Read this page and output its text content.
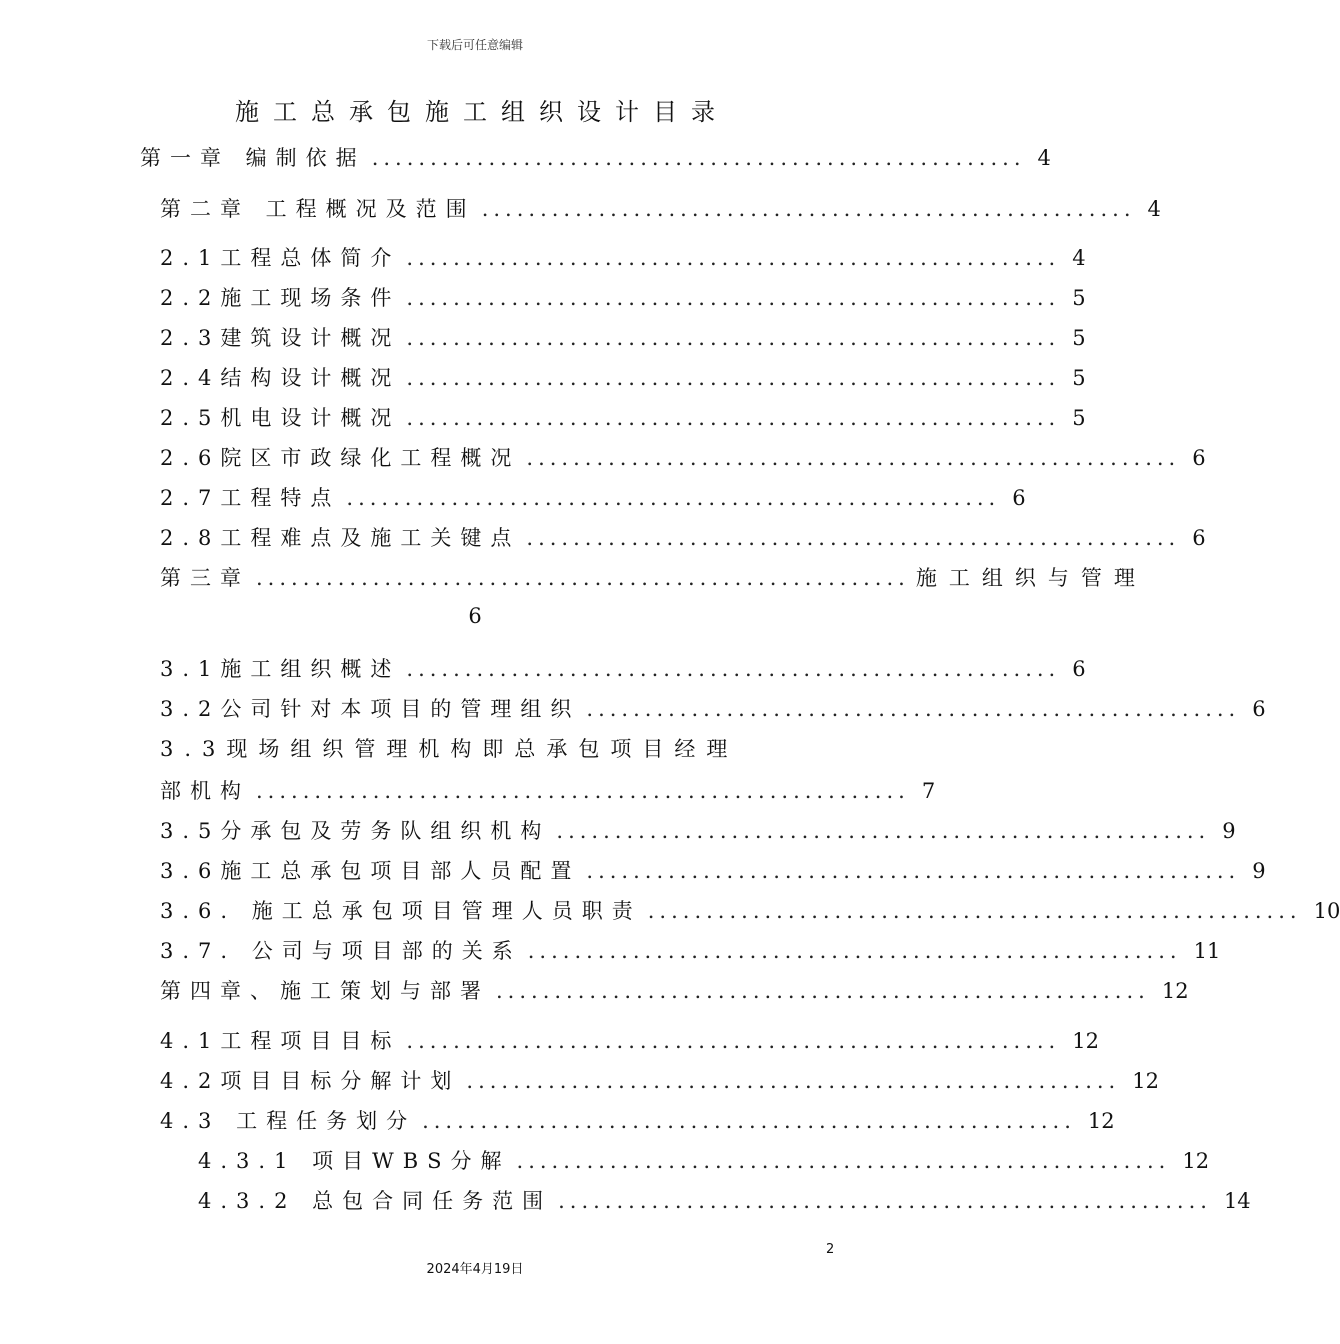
下载后可任意编辑
施工总承包施工组织设计目录
第一章 编制依据 ........................................................ 4
第二章 工程概况及范围 ........................................................ 4
2.1工程总体简介 ........................................................ 4
2.2施工现场条件 ........................................................ 5
2.3建筑设计概况 ........................................................ 5
2.4结构设计概况 ........................................................ 5
2.5机电设计概况 ........................................................ 5
2.6院区市政绿化工程概况 ........................................................ 6
2.7工程特点 ........................................................ 6
2.8工程难点及施工关键点 ........................................................ 6
第三章 ........................................................ 施工组织与管理
6
3.1施工组织概述 ........................................................ 6
3.2公司针对本项目的管理组织 ........................................................ 6
3.3现场组织管理机构即总承包项目经理
部机构 ........................................................ 7
3.5分承包及劳务队组织机构 ........................................................ 9
3.6施工总承包项目部人员配置 ........................................................ 9
3.6. 施工总承包项目管理人员职责 ........................................................ 10
3.7. 公司与项目部的关系 ........................................................ 11
第四章、施工策划与部署 ........................................................ 12
4.1工程项目目标 ........................................................ 12
4.2项目目标分解计划 ........................................................ 12
4.3 工程任务划分 ........................................................ 12
4.3.1 项目WBS分解 ........................................................ 12
4.3.2 总包合同任务范围 ........................................................ 14
2
2024年4月19日
